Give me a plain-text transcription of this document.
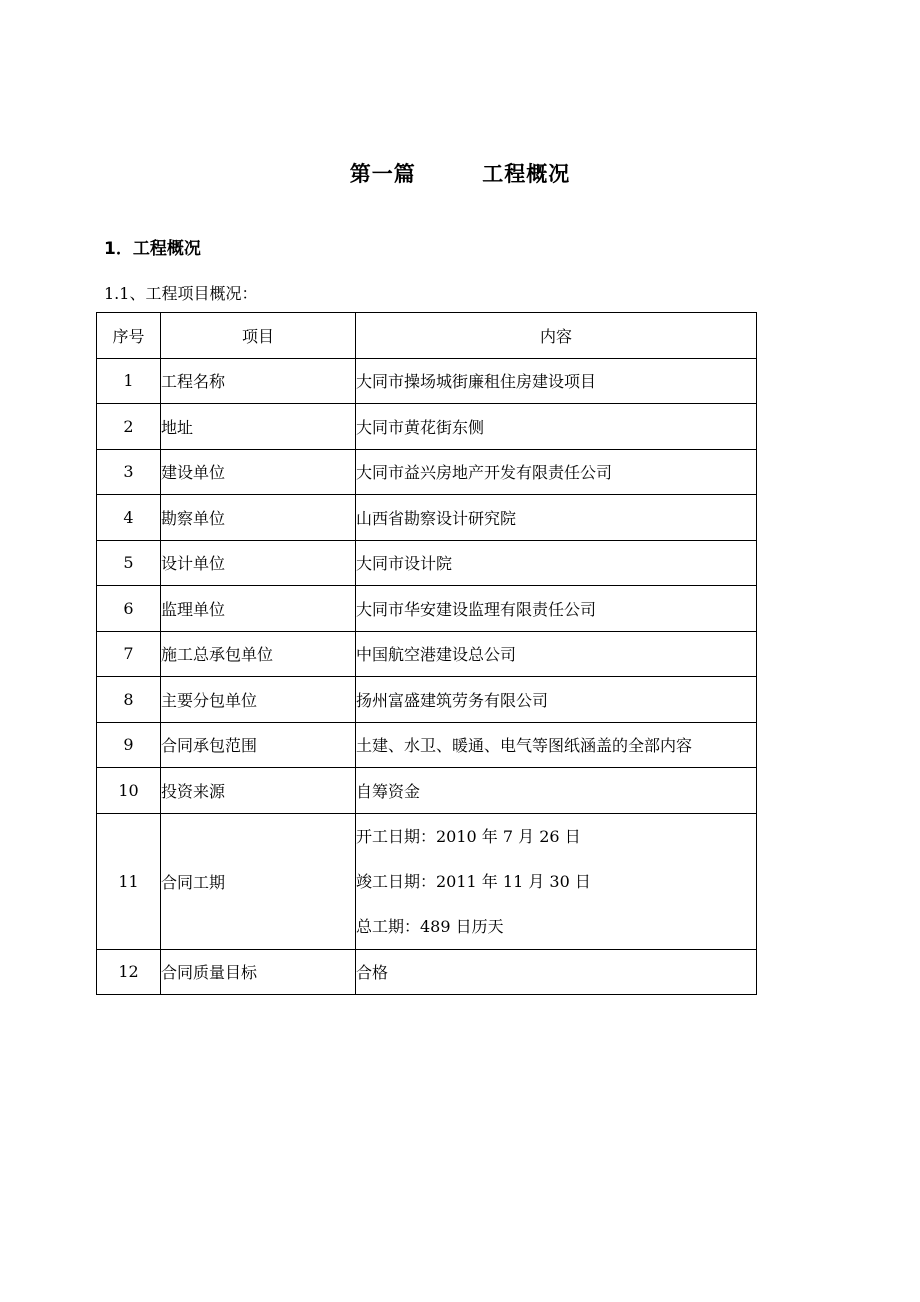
第一篇        工程概况
1．工程概况
1.1、工程项目概况：
序号	项目	内容
1	工程名称	大同市操场城街廉租住房建设项目
2	地址	大同市黄花街东侧
3	建设单位	大同市益兴房地产开发有限责任公司
4	勘察单位	山西省勘察设计研究院
5	设计单位	大同市设计院
6	监理单位	大同市华安建设监理有限责任公司
7	施工总承包单位	中国航空港建设总公司
8	主要分包单位	扬州富盛建筑劳务有限公司
9	合同承包范围	土建、水卫、暖通、电气等图纸涵盖的全部内容
10	投资来源	自筹资金
11	合同工期	开工日期：2010 年 7 月 26 日
竣工日期：2011 年 11 月 30 日
总工期：489 日历天

12	合同质量目标	合格
